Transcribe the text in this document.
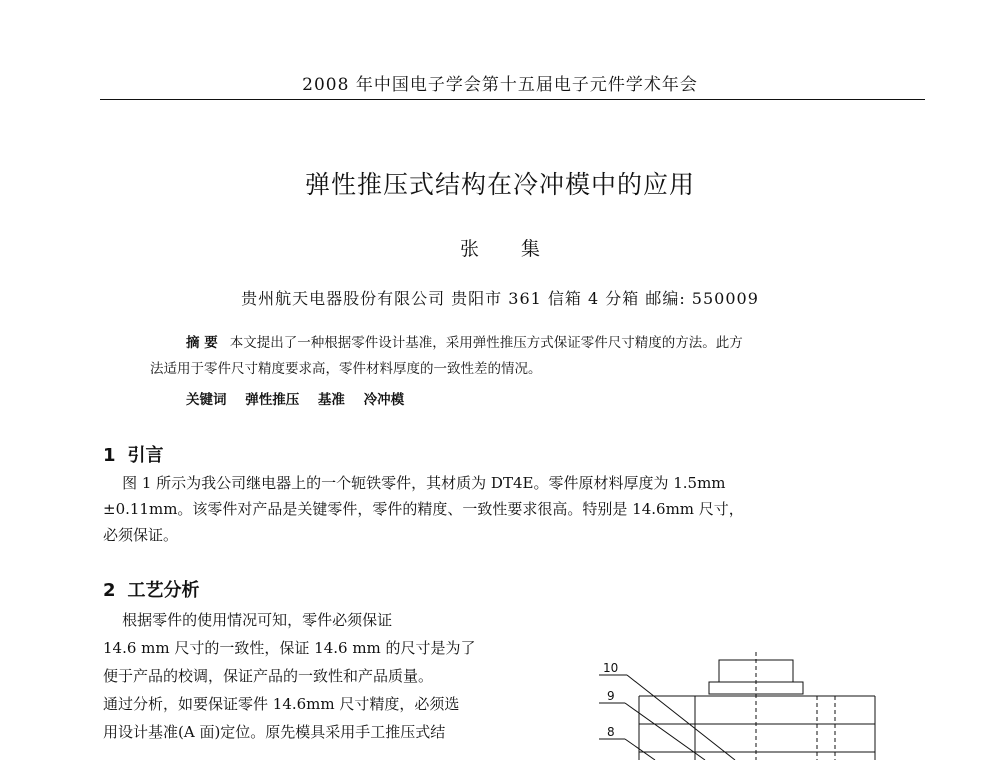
2008 年中国电子学会第十五届电子元件学术年会
弹性推压式结构在冷冲模中的应用
张 集
贵州航天电器股份有限公司 贵阳市 361 信箱 4 分箱 邮编: 550009
摘 要 本文提出了一种根据零件设计基准，采用弹性推压方式保证零件尺寸精度的方法。此方
法适用于零件尺寸精度要求高，零件材料厚度的一致性差的情况。
关键词 弹性推压 基准 冷冲模
1 引言
图 1 所示为我公司继电器上的一个轭铁零件，其材质为 DT4E。零件原材料厚度为 1.5mm
±0.11mm。该零件对产品是关键零件，零件的精度、一致性要求很高。特别是 14.6mm 尺寸，
必须保证。
2 工艺分析
根据零件的使用情况可知，零件必须保证
14.6 mm 尺寸的一致性，保证 14.6 mm 的尺寸是为了
便于产品的校调，保证产品的一致性和产品质量。
通过分析，如要保证零件 14.6mm 尺寸精度，必须选
用设计基准(A 面)定位。原先模具采用手工推压式结
10
9
8
